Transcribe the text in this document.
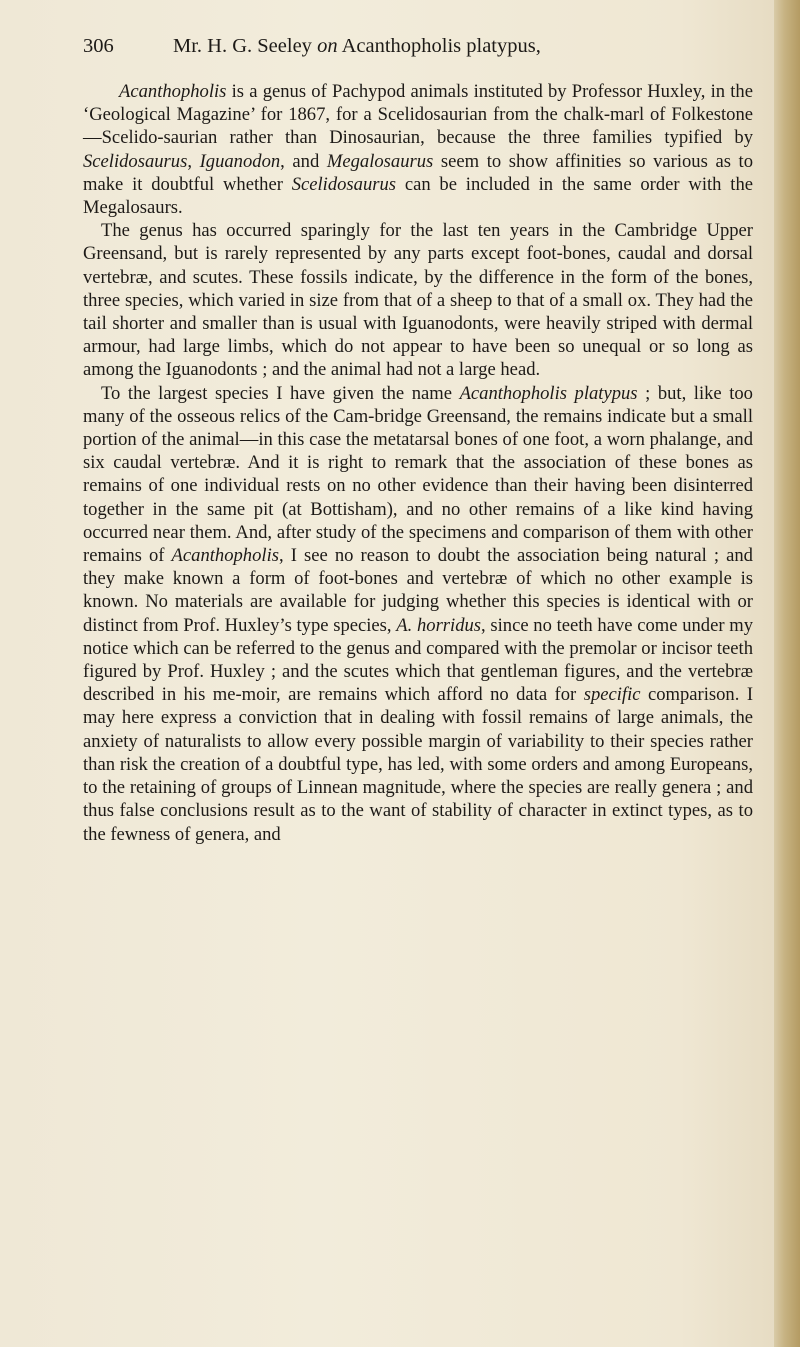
306	Mr. H. G. Seeley on Acanthopholis platypus,

Acanthopholis is a genus of Pachypod animals instituted by Professor Huxley, in the ‘Geological Magazine’ for 1867, for a Scelidosaurian from the chalk-marl of Folkestone—Scelido-saurian rather than Dinosaurian, because the three families typified by Scelidosaurus, Iguanodon, and Megalosaurus seem to show affinities so various as to make it doubtful whether Scelidosaurus can be included in the same order with the Megalosaurs.

The genus has occurred sparingly for the last ten years in the Cambridge Upper Greensand, but is rarely represented by any parts except foot-bones, caudal and dorsal vertebræ, and scutes. These fossils indicate, by the difference in the form of the bones, three species, which varied in size from that of a sheep to that of a small ox. They had the tail shorter and smaller than is usual with Iguanodonts, were heavily striped with dermal armour, had large limbs, which do not appear to have been so unequal or so long as among the Iguanodonts ; and the animal had not a large head.

To the largest species I have given the name Acanthopholis platypus ; but, like too many of the osseous relics of the Cam-bridge Greensand, the remains indicate but a small portion of the animal—in this case the metatarsal bones of one foot, a worn phalange, and six caudal vertebræ. And it is right to remark that the association of these bones as remains of one individual rests on no other evidence than their having been disinterred together in the same pit (at Bottisham), and no other remains of a like kind having occurred near them. And, after study of the specimens and comparison of them with other remains of Acanthopholis, I see no reason to doubt the association being natural ; and they make known a form of foot-bones and vertebræ of which no other example is known. No materials are available for judging whether this species is identical with or distinct from Prof. Huxley’s type species, A. horridus, since no teeth have come under my notice which can be referred to the genus and compared with the premolar or incisor teeth figured by Prof. Huxley ; and the scutes which that gentleman figures, and the vertebræ described in his me-moir, are remains which afford no data for specific comparison. I may here express a conviction that in dealing with fossil remains of large animals, the anxiety of naturalists to allow every possible margin of variability to their species rather than risk the creation of a doubtful type, has led, with some orders and among Europeans, to the retaining of groups of Linnean magnitude, where the species are really genera ; and thus false conclusions result as to the want of stability of character in extinct types, as to the fewness of genera, and
